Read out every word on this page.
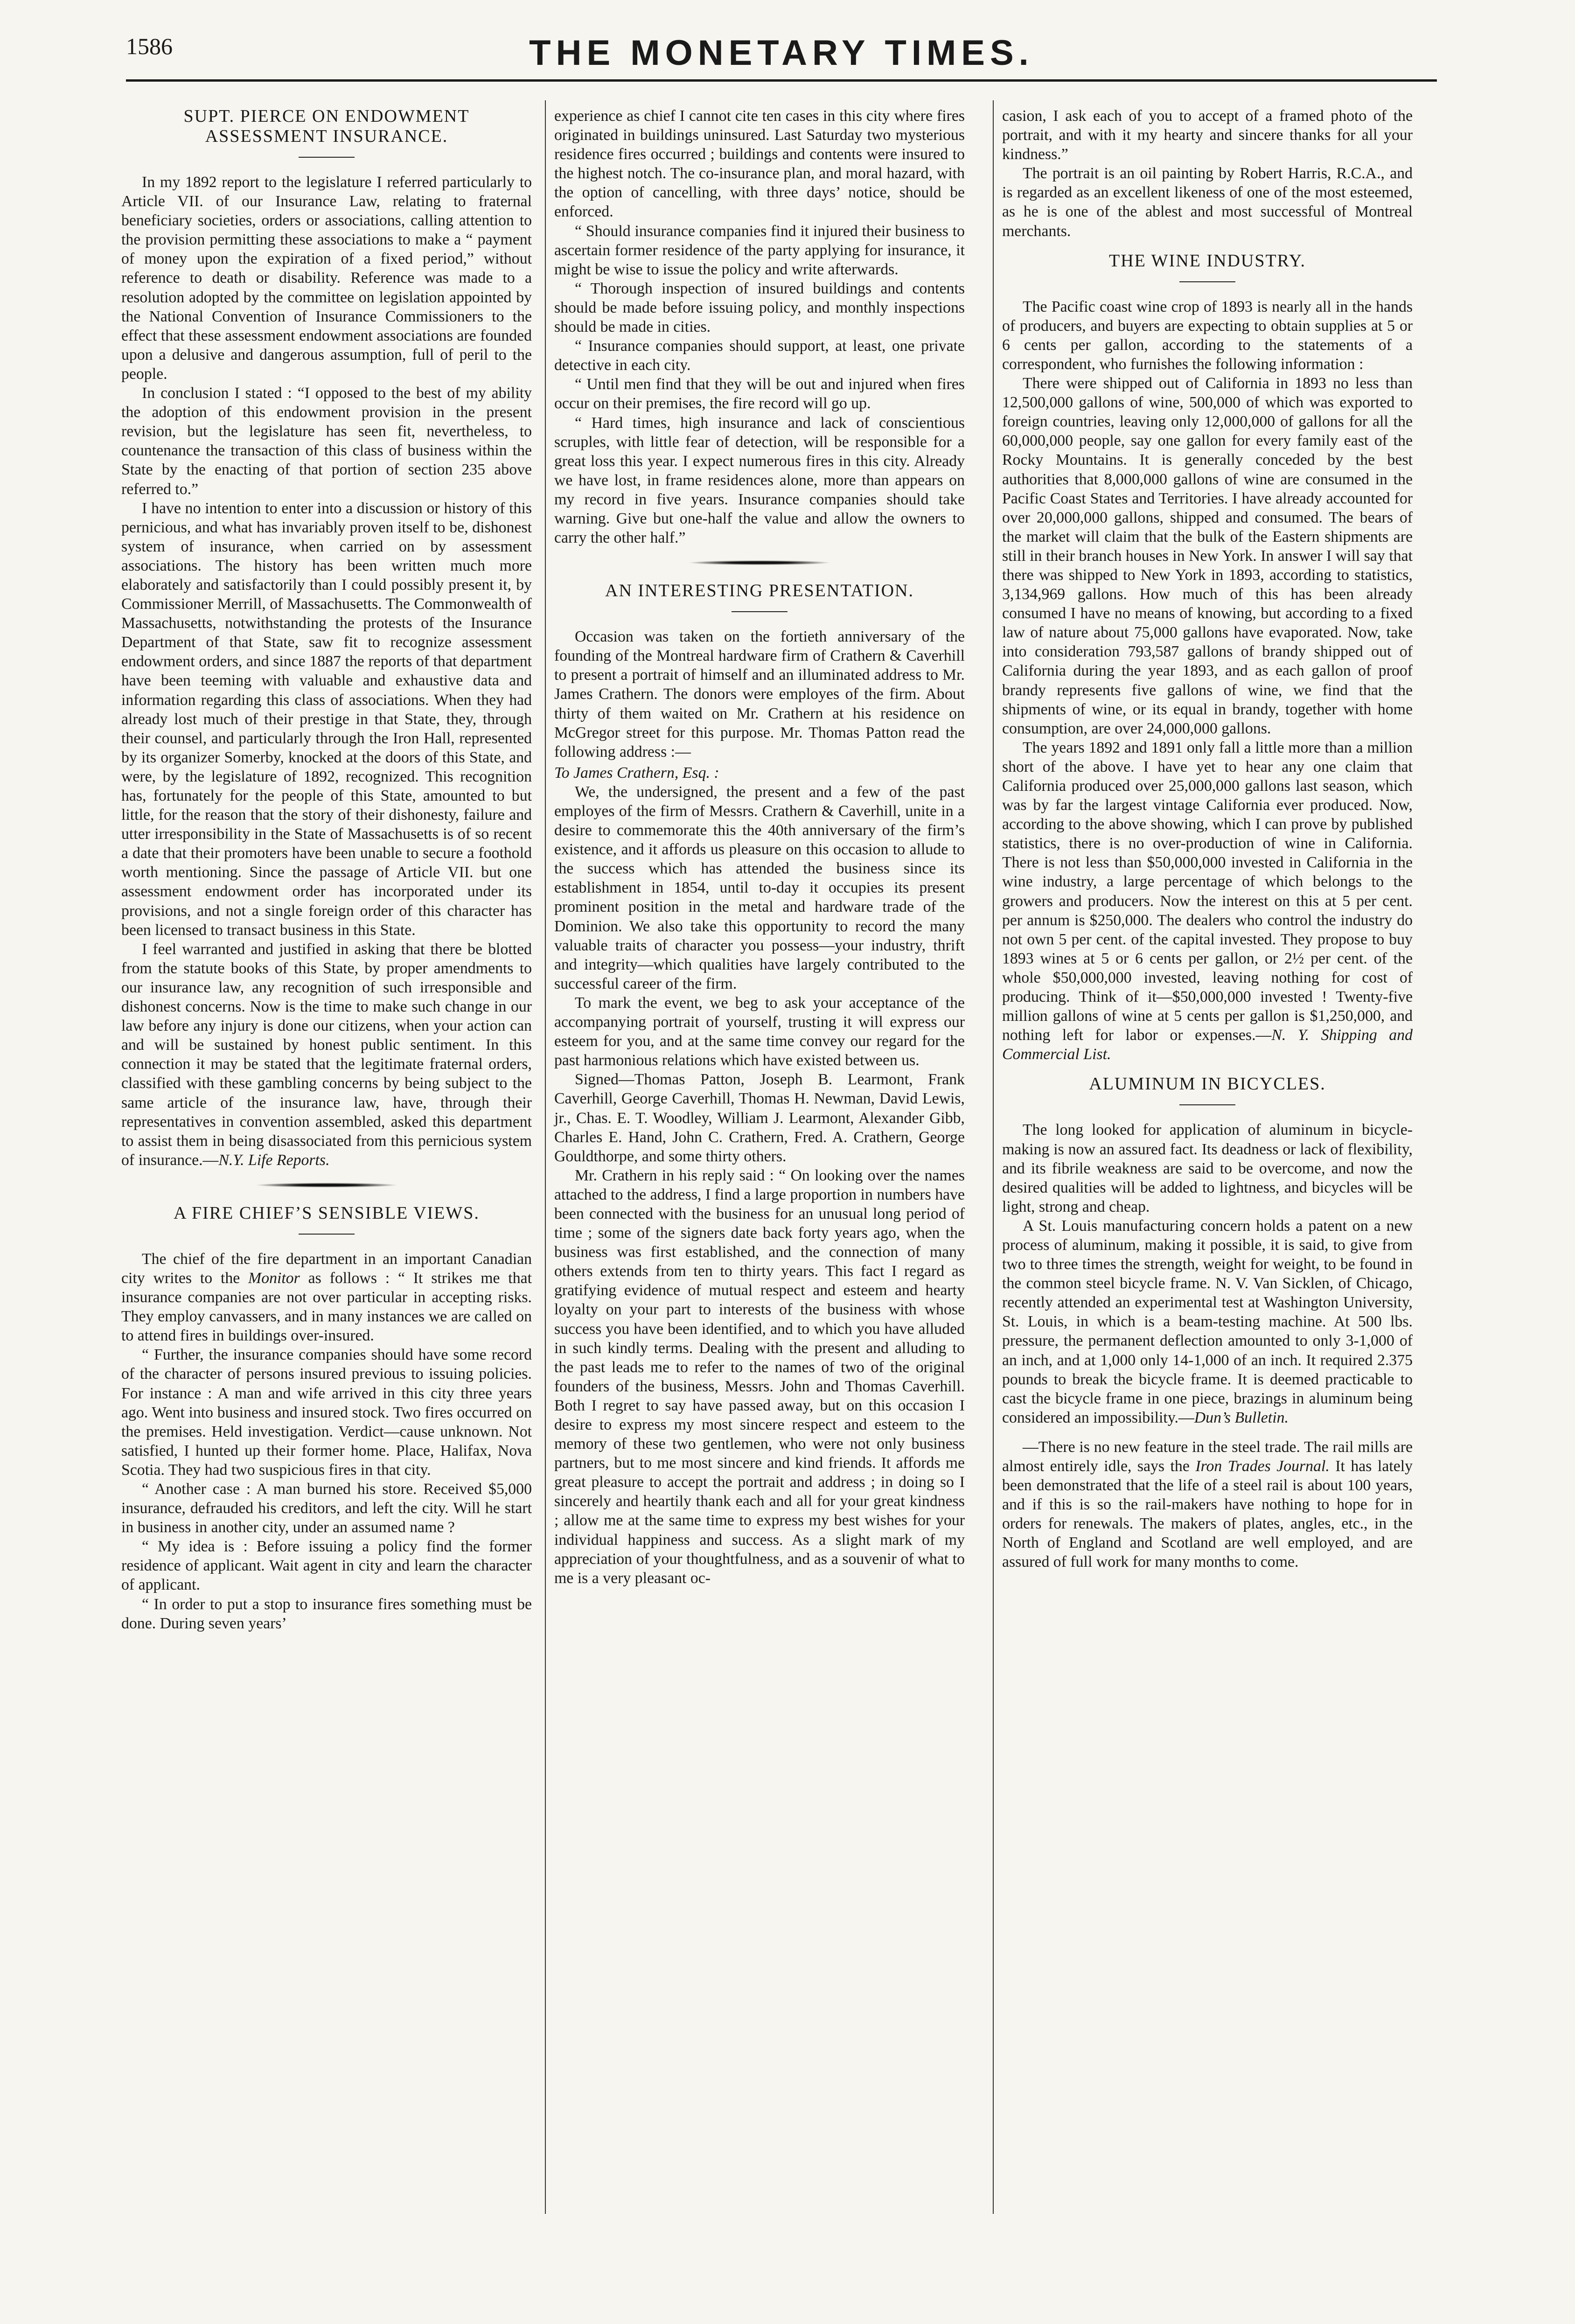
1586	THE MONETARY TIMES.
SUPT. PIERCE ON ENDOWMENT ASSESSMENT INSURANCE.

In my 1892 report to the legislature I referred particularly to Article VII. of our Insurance Law, relating to fraternal beneficiary societies, orders or associations, calling attention to the provision permitting these associations to make a “ payment of money upon the expiration of a fixed period,” without reference to death or disability. Reference was made to a resolution adopted by the committee on legislation appointed by the National Convention of Insurance Commissioners to the effect that these assessment endowment associations are founded upon a delusive and dangerous assumption, full of peril to the people.

In conclusion I stated : “I opposed to the best of my ability the adoption of this endowment provision in the present revision, but the legislature has seen fit, nevertheless, to countenance the transaction of this class of business within the State by the enacting of that portion of section 235 above referred to.”

I have no intention to enter into a discussion or history of this pernicious, and what has invariably proven itself to be, dishonest system of insurance, when carried on by assessment associations. The history has been written much more elaborately and satisfactorily than I could possibly present it, by Commissioner Merrill, of Massachusetts. The Commonwealth of Massachusetts, notwithstanding the protests of the Insurance Department of that State, saw fit to recognize assessment endowment orders, and since 1887 the reports of that department have been teeming with valuable and exhaustive data and information regarding this class of associations. When they had already lost much of their prestige in that State, they, through their counsel, and particularly through the Iron Hall, represented by its organizer Somerby, knocked at the doors of this State, and were, by the legislature of 1892, recognized. This recognition has, fortunately for the people of this State, amounted to but little, for the reason that the story of their dishonesty, failure and utter irresponsibility in the State of Massachusetts is of so recent a date that their promoters have been unable to secure a foothold worth mentioning. Since the passage of Article VII. but one assessment endowment order has incorporated under its provisions, and not a single foreign order of this character has been licensed to transact business in this State.

I feel warranted and justified in asking that there be blotted from the statute books of this State, by proper amendments to our insurance law, any recognition of such irresponsible and dishonest concerns. Now is the time to make such change in our law before any injury is done our citizens, when your action can and will be sustained by honest public sentiment. In this connection it may be stated that the legitimate fraternal orders, classified with these gambling concerns by being subject to the same article of the insurance law, have, through their representatives in convention assembled, asked this department to assist them in being disassociated from this pernicious system of insurance.—N.Y. Life Reports.

A FIRE CHIEF’S SENSIBLE VIEWS.

The chief of the fire department in an important Canadian city writes to the Monitor as follows : “ It strikes me that insurance companies are not over particular in accepting risks. They employ canvassers, and in many instances we are called on to attend fires in buildings over-insured.

“ Further, the insurance companies should have some record of the character of persons insured previous to issuing policies. For instance : A man and wife arrived in this city three years ago. Went into business and insured stock. Two fires occurred on the premises. Held investigation. Verdict—cause unknown. Not satisfied, I hunted up their former home. Place, Halifax, Nova Scotia. They had two suspicious fires in that city.

“ Another case : A man burned his store. Received $5,000 insurance, defrauded his creditors, and left the city. Will he start in business in another city, under an assumed name ?

“ My idea is : Before issuing a policy find the former residence of applicant. Wait agent in city and learn the character of applicant.

“ In order to put a stop to insurance fires something must be done. During seven years’

experience as chief I cannot cite ten cases in this city where fires originated in buildings uninsured. Last Saturday two mysterious residence fires occurred ; buildings and contents were insured to the highest notch. The co-insurance plan, and moral hazard, with the option of cancelling, with three days’ notice, should be enforced.

“ Should insurance companies find it injured their business to ascertain former residence of the party applying for insurance, it might be wise to issue the policy and write afterwards.

“ Thorough inspection of insured buildings and contents should be made before issuing policy, and monthly inspections should be made in cities.

“ Insurance companies should support, at least, one private detective in each city.

“ Until men find that they will be out and injured when fires occur on their premises, the fire record will go up.

“ Hard times, high insurance and lack of conscientious scruples, with little fear of detection, will be responsible for a great loss this year. I expect numerous fires in this city. Already we have lost, in frame residences alone, more than appears on my record in five years. Insurance companies should take warning. Give but one-half the value and allow the owners to carry the other half.”

AN INTERESTING PRESENTATION.

Occasion was taken on the fortieth anniversary of the founding of the Montreal hardware firm of Crathern & Caverhill to present a portrait of himself and an illuminated address to Mr. James Crathern. The donors were employes of the firm. About thirty of them waited on Mr. Crathern at his residence on McGregor street for this purpose. Mr. Thomas Patton read the following address :—

To James Crathern, Esq. :

We, the undersigned, the present and a few of the past employes of the firm of Messrs. Crathern & Caverhill, unite in a desire to commemorate this the 40th anniversary of the firm’s existence, and it affords us pleasure on this occasion to allude to the success which has attended the business since its establishment in 1854, until to-day it occupies its present prominent position in the metal and hardware trade of the Dominion. We also take this opportunity to record the many valuable traits of character you possess—your industry, thrift and integrity—which qualities have largely contributed to the successful career of the firm.

To mark the event, we beg to ask your acceptance of the accompanying portrait of yourself, trusting it will express our esteem for you, and at the same time convey our regard for the past harmonious relations which have existed between us.

Signed—Thomas Patton, Joseph B. Learmont, Frank Caverhill, George Caverhill, Thomas H. Newman, David Lewis, jr., Chas. E. T. Woodley, William J. Learmont, Alexander Gibb, Charles E. Hand, John C. Crathern, Fred. A. Crathern, George Gouldthorpe, and some thirty others.

Mr. Crathern in his reply said : “ On looking over the names attached to the address, I find a large proportion in numbers have been connected with the business for an unusual long period of time ; some of the signers date back forty years ago, when the business was first established, and the connection of many others extends from ten to thirty years. This fact I regard as gratifying evidence of mutual respect and esteem and hearty loyalty on your part to interests of the business with whose success you have been identified, and to which you have alluded in such kindly terms. Dealing with the present and alluding to the past leads me to refer to the names of two of the original founders of the business, Messrs. John and Thomas Caverhill. Both I regret to say have passed away, but on this occasion I desire to express my most sincere respect and esteem to the memory of these two gentlemen, who were not only business partners, but to me most sincere and kind friends. It affords me great pleasure to accept the portrait and address ; in doing so I sincerely and heartily thank each and all for your great kindness ; allow me at the same time to express my best wishes for your individual happiness and success. As a slight mark of my appreciation of your thoughtfulness, and as a souvenir of what to me is a very pleasant oc-

casion, I ask each of you to accept of a framed photo of the portrait, and with it my hearty and sincere thanks for all your kindness.”

The portrait is an oil painting by Robert Harris, R.C.A., and is regarded as an excellent likeness of one of the most esteemed, as he is one of the ablest and most successful of Montreal merchants.

THE WINE INDUSTRY.

The Pacific coast wine crop of 1893 is nearly all in the hands of producers, and buyers are expecting to obtain supplies at 5 or 6 cents per gallon, according to the statements of a correspondent, who furnishes the following information :

There were shipped out of California in 1893 no less than 12,500,000 gallons of wine, 500,000 of which was exported to foreign countries, leaving only 12,000,000 of gallons for all the 60,000,000 people, say one gallon for every family east of the Rocky Mountains. It is generally conceded by the best authorities that 8,000,000 gallons of wine are consumed in the Pacific Coast States and Territories. I have already accounted for over 20,000,000 gallons, shipped and consumed. The bears of the market will claim that the bulk of the Eastern shipments are still in their branch houses in New York. In answer I will say that there was shipped to New York in 1893, according to statistics, 3,134,969 gallons. How much of this has been already consumed I have no means of knowing, but according to a fixed law of nature about 75,000 gallons have evaporated. Now, take into consideration 793,587 gallons of brandy shipped out of California during the year 1893, and as each gallon of proof brandy represents five gallons of wine, we find that the shipments of wine, or its equal in brandy, together with home consumption, are over 24,000,000 gallons.

The years 1892 and 1891 only fall a little more than a million short of the above. I have yet to hear any one claim that California produced over 25,000,000 gallons last season, which was by far the largest vintage California ever produced. Now, according to the above showing, which I can prove by published statistics, there is no over-production of wine in California. There is not less than $50,000,000 invested in California in the wine industry, a large percentage of which belongs to the growers and producers. Now the interest on this at 5 per cent. per annum is $250,000. The dealers who control the industry do not own 5 per cent. of the capital invested. They propose to buy 1893 wines at 5 or 6 cents per gallon, or 2½ per cent. of the whole $50,000,000 invested, leaving nothing for cost of producing. Think of it—$50,000,000 invested ! Twenty-five million gallons of wine at 5 cents per gallon is $1,250,000, and nothing left for labor or expenses.—N. Y. Shipping and Commercial List.

ALUMINUM IN BICYCLES.

The long looked for application of aluminum in bicycle-making is now an assured fact. Its deadness or lack of flexibility, and its fibrile weakness are said to be overcome, and now the desired qualities will be added to lightness, and bicycles will be light, strong and cheap.

A St. Louis manufacturing concern holds a patent on a new process of aluminum, making it possible, it is said, to give from two to three times the strength, weight for weight, to be found in the common steel bicycle frame. N. V. Van Sicklen, of Chicago, recently attended an experimental test at Washington University, St. Louis, in which is a beam-testing machine. At 500 lbs. pressure, the permanent deflection amounted to only 3-1,000 of an inch, and at 1,000 only 14-1,000 of an inch. It required 2.375 pounds to break the bicycle frame. It is deemed practicable to cast the bicycle frame in one piece, brazings in aluminum being considered an impossibility.—Dun’s Bulletin.

—There is no new feature in the steel trade. The rail mills are almost entirely idle, says the Iron Trades Journal. It has lately been demonstrated that the life of a steel rail is about 100 years, and if this is so the rail-makers have nothing to hope for in orders for renewals. The makers of plates, angles, etc., in the North of England and Scotland are well employed, and are assured of full work for many months to come.
